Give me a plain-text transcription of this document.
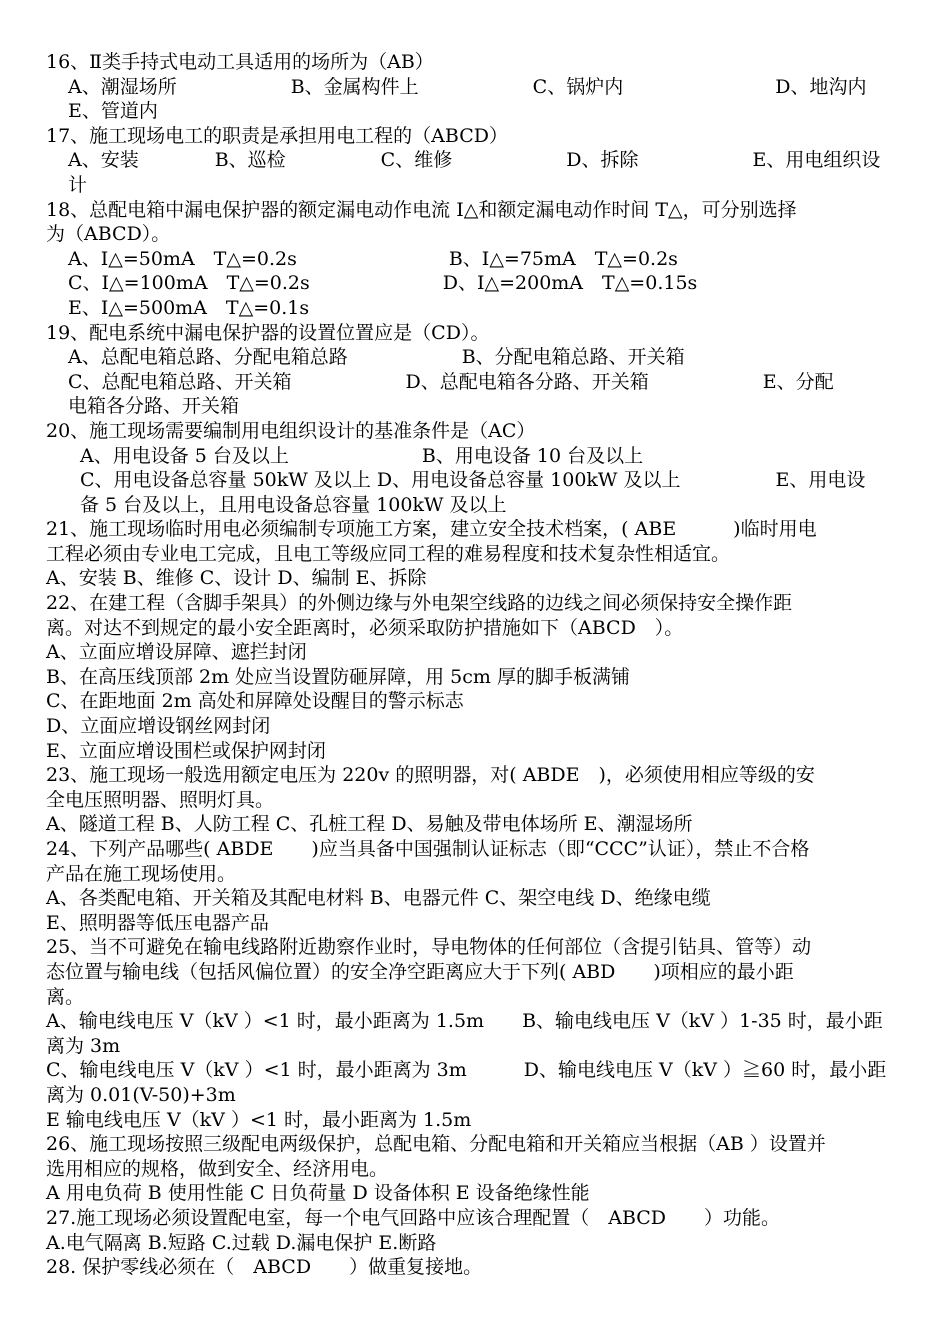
16、Ⅱ类手持式电动工具适用的场所为（AB）
A、潮湿场所　　　　　　B、金属构件上　　　　　　C、锅炉内　　　　　　　　D、地沟内
E、管道内
17、施工现场电工的职责是承担用电工程的（ABCD）
A、安装　　　　B、巡检　　　　　C、维修　　　　　　D、拆除　　　　　　E、用电组织设
计
18、总配电箱中漏电保护器的额定漏电动作电流 I△和额定漏电动作时间 T△，可分别选择
为（ABCD）。
A、I△=50mA　T△=0.2s　　　　　　　　B、I△=75mA　T△=0.2s
C、I△=100mA　T△=0.2s　　　　　　　D、I△=200mA　T△=0.15s
E、I△=500mA　T△=0.1s
19、配电系统中漏电保护器的设置位置应是（CD）。
A、总配电箱总路、分配电箱总路　　　　　　B、分配电箱总路、开关箱
C、总配电箱总路、开关箱　　　　　　D、总配电箱各分路、开关箱　　　　　　E、分配
电箱各分路、开关箱
20、施工现场需要编制用电组织设计的基准条件是（AC）
A、用电设备 5 台及以上　　　　　　　B、用电设备 10 台及以上
C、用电设备总容量 50kW 及以上 D、用电设备总容量 100kW 及以上　　　　　E、用电设
备 5 台及以上，且用电设备总容量 100kW 及以上
21、施工现场临时用电必须编制专项施工方案，建立安全技术档案，( ABE　　　)临时用电
工程必须由专业电工完成，且电工等级应同工程的难易程度和技术复杂性相适宜。
A、安装 B、维修 C、设计 D、编制 E、拆除
22、在建工程（含脚手架具）的外侧边缘与外电架空线路的边线之间必须保持安全操作距
离。对达不到规定的最小安全距离时，必须采取防护措施如下（ABCD　）。
A、立面应增设屏障、遮拦封闭
B、在高压线顶部 2m 处应当设置防砸屏障，用 5cm 厚的脚手板满铺
C、在距地面 2m 高处和屏障处设醒目的警示标志
D、立面应增设钢丝网封闭
E、立面应增设围栏或保护网封闭
23、施工现场一般选用额定电压为 220v 的照明器，对( ABDE　)，必须使用相应等级的安
全电压照明器、照明灯具。
A、隧道工程 B、人防工程 C、孔桩工程 D、易触及带电体场所 E、潮湿场所
24、下列产品哪些( ABDE　　)应当具备中国强制认证标志（即“CCC”认证），禁止不合格
产品在施工现场使用。
A、各类配电箱、开关箱及其配电材料 B、电器元件 C、架空电线 D、绝缘电缆
E、照明器等低压电器产品
25、当不可避免在输电线路附近勘察作业时，导电物体的任何部位（含提引钻具、管等）动
态位置与输电线（包括风偏位置）的安全净空距离应大于下列( ABD　　)项相应的最小距
离。
A、输电线电压 V（kV ）<1 时，最小距离为 1.5m　　B、输电线电压 V（kV ）1-35 时，最小距
离为 3m
C、输电线电压 V（kV ）<1 时，最小距离为 3m　　　D、输电线电压 V（kV ）≧60 时，最小距
离为 0.01(V-50)+3m
E 输电线电压 V（kV ）<1 时，最小距离为 1.5m
26、施工现场按照三级配电两级保护，总配电箱、分配电箱和开关箱应当根据（AB ）设置并
选用相应的规格，做到安全、经济用电。
A 用电负荷 B 使用性能 C 日负荷量 D 设备体积 E 设备绝缘性能
27.施工现场必须设置配电室，每一个电气回路中应该合理配置（　ABCD　　）功能。
A.电气隔离 B.短路 C.过载 D.漏电保护 E.断路
28. 保护零线必须在（　ABCD　　）做重复接地。
